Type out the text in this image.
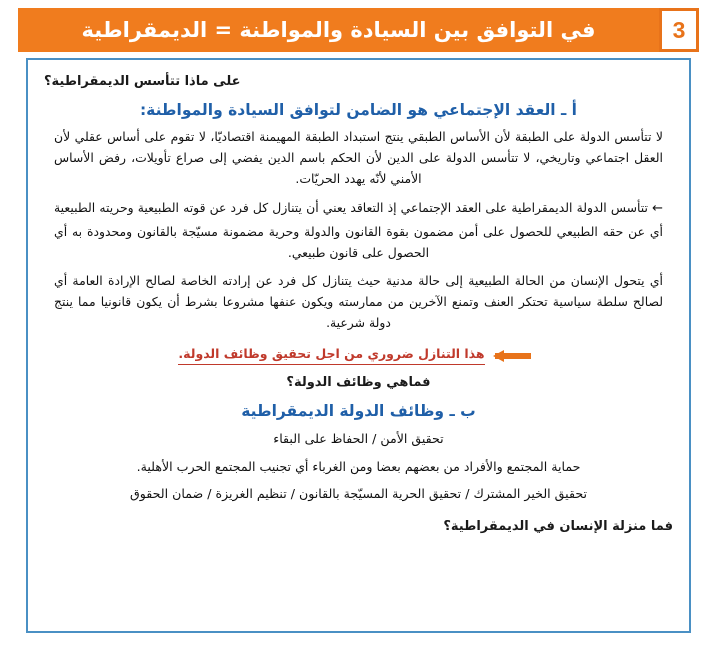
3
في التوافق بين السيادة والمواطنة = الديمقراطية
على ماذا تتأسس الديمقراطية؟
أ ـ العقد الإجتماعي هو الضامن لتوافق السيادة والمواطنة:
لا تتأسس الدولة على الطبقة لأن الأساس الطبقي ينتج استبداد الطبقة المهيمنة اقتصاديّا، لا تقوم على أساس عقلي لأن العقل اجتماعي وتاريخي، لا تتأسس الدولة على الدين لأن الحكم باسم الدين يفضي إلى صراع تأويلات، رفض الأساس الأمني لأنّه يهدد الحريّات.
← تتأسس الدولة الديمقراطية على العقد الإجتماعي إذ التعاقد يعني أن يتنازل كل فرد عن قوته الطبيعية وحريته الطبيعية أي عن حقه الطبيعي للحصول على أمن مضمون بقوة القانون والدولة وحرية مضمونة مسيّجة بالقانون ومحدودة به أي الحصول على قانون طبيعي.
أي يتحول الإنسان من الحالة الطبيعية إلى حالة مدنية حيث يتنازل كل فرد عن إرادته الخاصة لصالح الإرادة العامة أي لصالح سلطة سياسية تحتكر العنف وتمنع الآخرين من ممارسته ويكون عنفها مشروعا بشرط أن يكون قانونيا مما ينتج دولة شرعية.
هذا التنازل ضروري من اجل تحقيق وظائف الدولة.
فماهي وظائف الدولة؟
ب ـ وظائف الدولة الديمقراطية
تحقيق الأمن / الحفاظ على البقاء
حماية المجتمع والأفراد من بعضهم بعضا ومن الغرباء أي تجنيب المجتمع الحرب الأهلية.
تحقيق الخير المشترك / تحقيق الحرية المسيّجة بالقانون / تنظيم الغريزة / ضمان الحقوق
فما منزلة الإنسان في الديمقراطية؟
